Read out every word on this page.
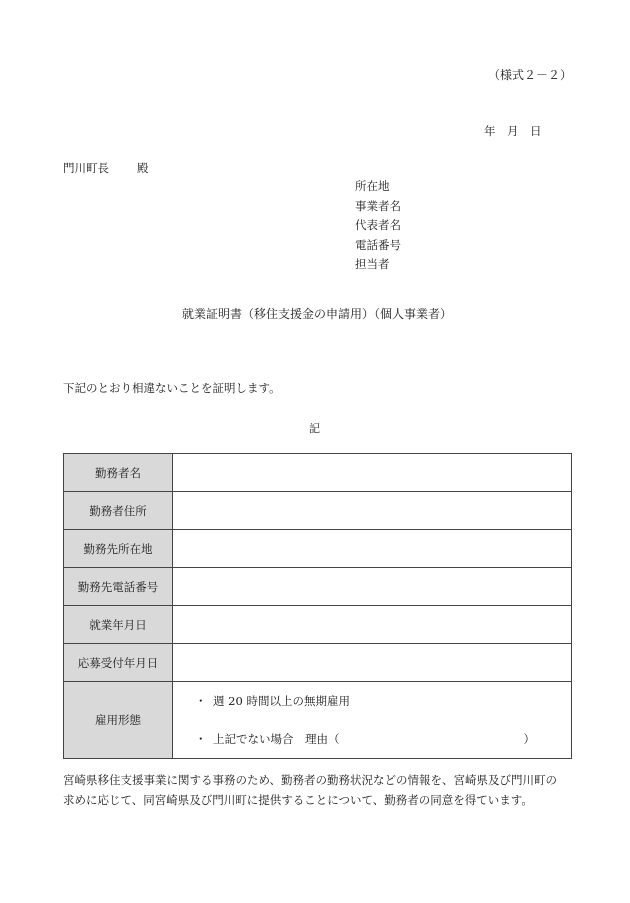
（様式２－２）
年　月　日
門川町長 殿
所在地
事業者名
代表者名
電話番号
担当者
就業証明書（移住支援金の申請用）（個人事業者）
下記のとおり相違ないことを証明します。
記
勤務者名	
勤務者住所	
勤務先所在地	
勤務先電話番号	
就業年月日	
応募受付年月日	
雇用形態	・ 週 20 時間以上の無期雇用
・ 上記でない場合　理由（ ）
宮崎県移住支援事業に関する事務のため、勤務者の勤務状況などの情報を、宮崎県及び門川町の
求めに応じて、同宮崎県及び門川町に提供することについて、勤務者の同意を得ています。
